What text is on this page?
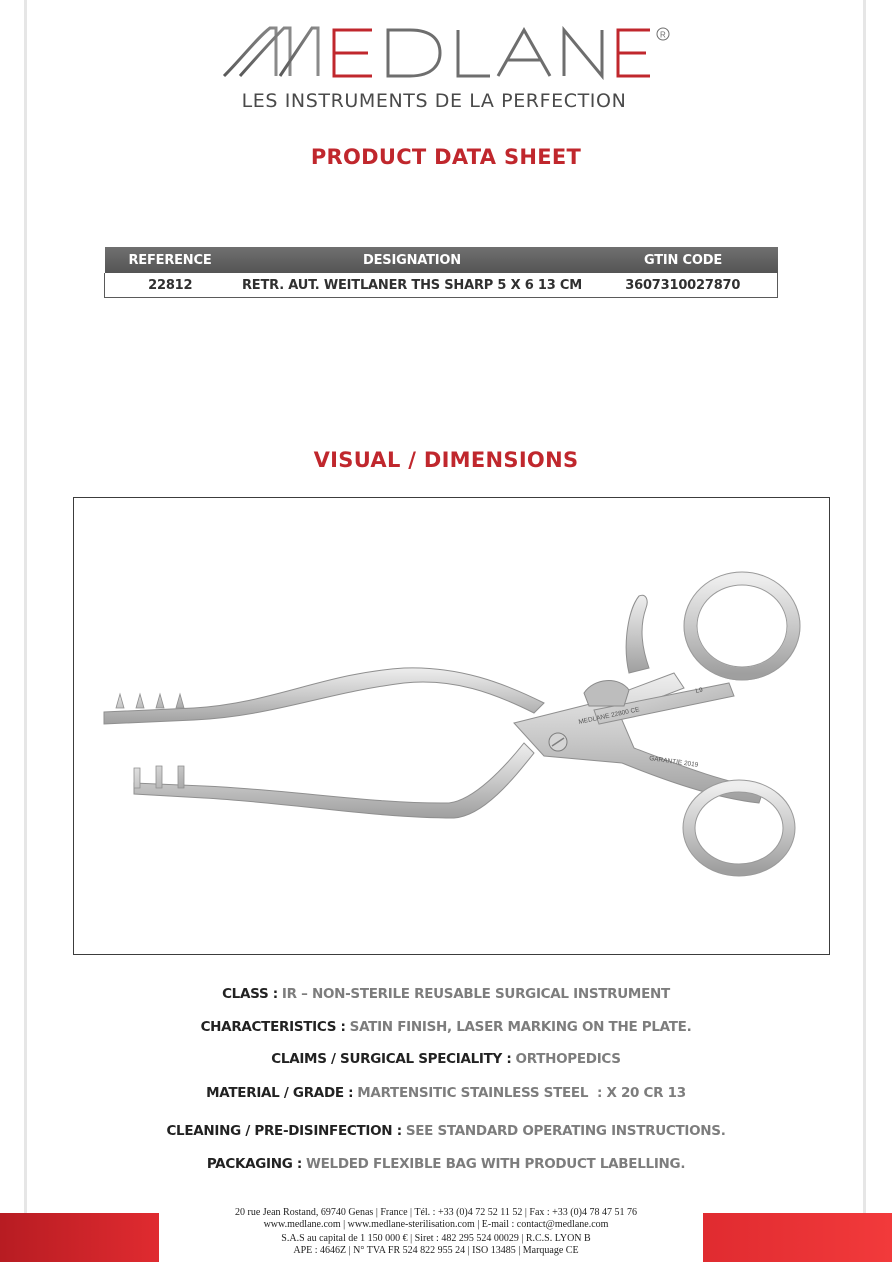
R
LES INSTRUMENTS DE LA PERFECTION
PRODUCT DATA SHEET
REFERENCE	DESIGNATION	GTIN CODE
22812	RETR. AUT. WEITLANER THS SHARP 5 X 6 13 CM	3607310027870
VISUAL / DIMENSIONS
MEDLANE 22800 CE
GARANTIE 2019
L9
CLASS : IR – NON-STERILE REUSABLE SURGICAL INSTRUMENT
CHARACTERISTICS : SATIN FINISH, LASER MARKING ON THE PLATE.
CLAIMS / SURGICAL SPECIALITY : ORTHOPEDICS
MATERIAL / GRADE : MARTENSITIC STAINLESS STEEL  : X 20 CR 13
CLEANING / PRE-DISINFECTION : SEE STANDARD OPERATING INSTRUCTIONS.
PACKAGING : WELDED FLEXIBLE BAG WITH PRODUCT LABELLING.
20 rue Jean Rostand, 69740 Genas | France | Tél. : +33 (0)4 72 52 11 52 | Fax : +33 (0)4 78 47 51 76
www.medlane.com | www.medlane-sterilisation.com | E-mail : contact@medlane.com
S.A.S au capital de 1 150 000 € | Siret : 482 295 524 00029 | R.C.S. LYON B
APE : 4646Z | N° TVA FR 524 822 955 24 | ISO 13485 | Marquage CE
